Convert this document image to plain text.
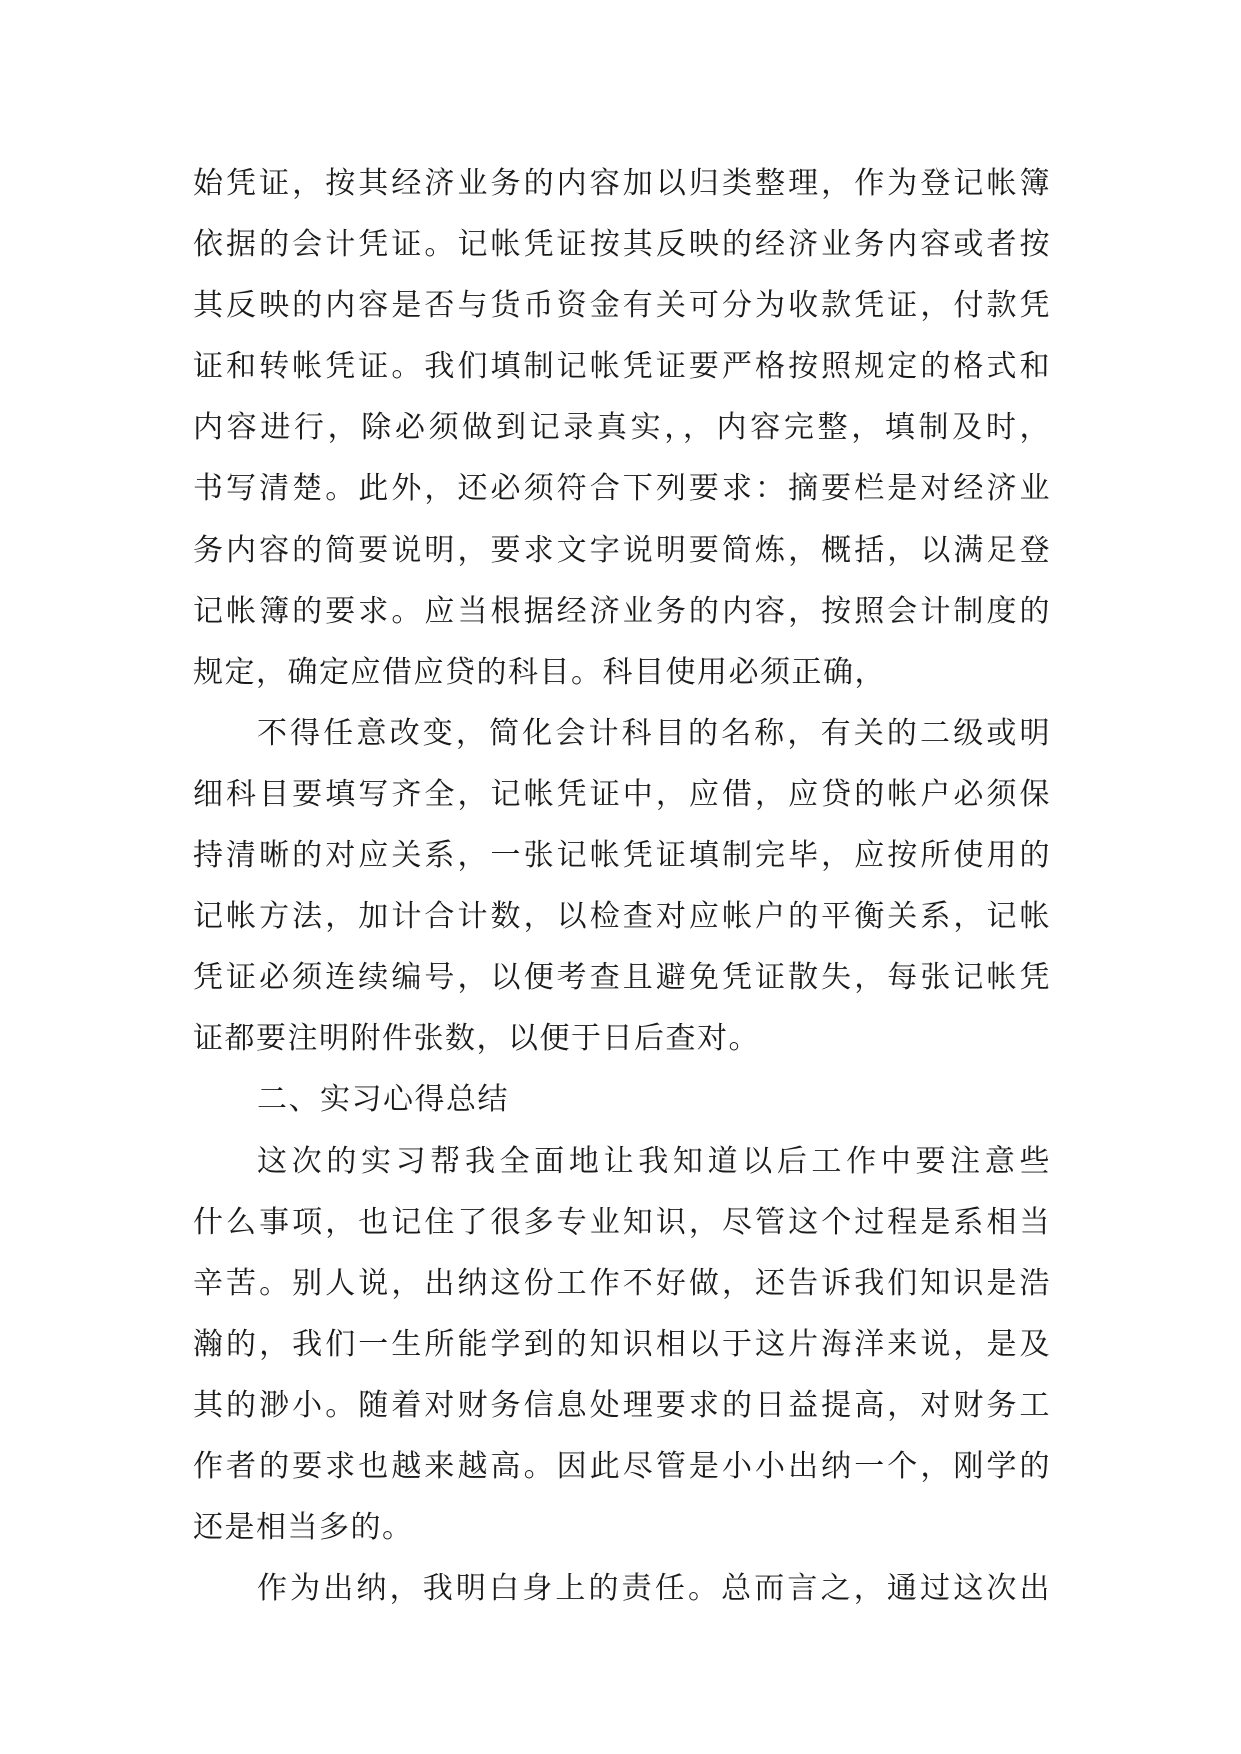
始凭证，按其经济业务的内容加以归类整理，作为登记帐簿
依据的会计凭证。记帐凭证按其反映的经济业务内容或者按
其反映的内容是否与货币资金有关可分为收款凭证，付款凭
证和转帐凭证。我们填制记帐凭证要严格按照规定的格式和
内容进行，除必须做到记录真实，，内容完整，填制及时，
书写清楚。此外，还必须符合下列要求：摘要栏是对经济业
务内容的简要说明，要求文字说明要简炼，概括，以满足登
记帐簿的要求。应当根据经济业务的内容，按照会计制度的
规定，确定应借应贷的科目。科目使用必须正确，

不得任意改变，简化会计科目的名称，有关的二级或明
细科目要填写齐全，记帐凭证中，应借，应贷的帐户必须保
持清晰的对应关系，一张记帐凭证填制完毕，应按所使用的
记帐方法，加计合计数，以检查对应帐户的平衡关系，记帐
凭证必须连续编号，以便考查且避免凭证散失，每张记帐凭
证都要注明附件张数，以便于日后查对。

二、实习心得总结

这次的实习帮我全面地让我知道以后工作中要注意些
什么事项，也记住了很多专业知识，尽管这个过程是系相当
辛苦。别人说，出纳这份工作不好做，还告诉我们知识是浩
瀚的，我们一生所能学到的知识相以于这片海洋来说，是及
其的渺小。随着对财务信息处理要求的日益提高，对财务工
作者的要求也越来越高。因此尽管是小小出纳一个，刚学的
还是相当多的。

作为出纳，我明白身上的责任。总而言之，通过这次出
